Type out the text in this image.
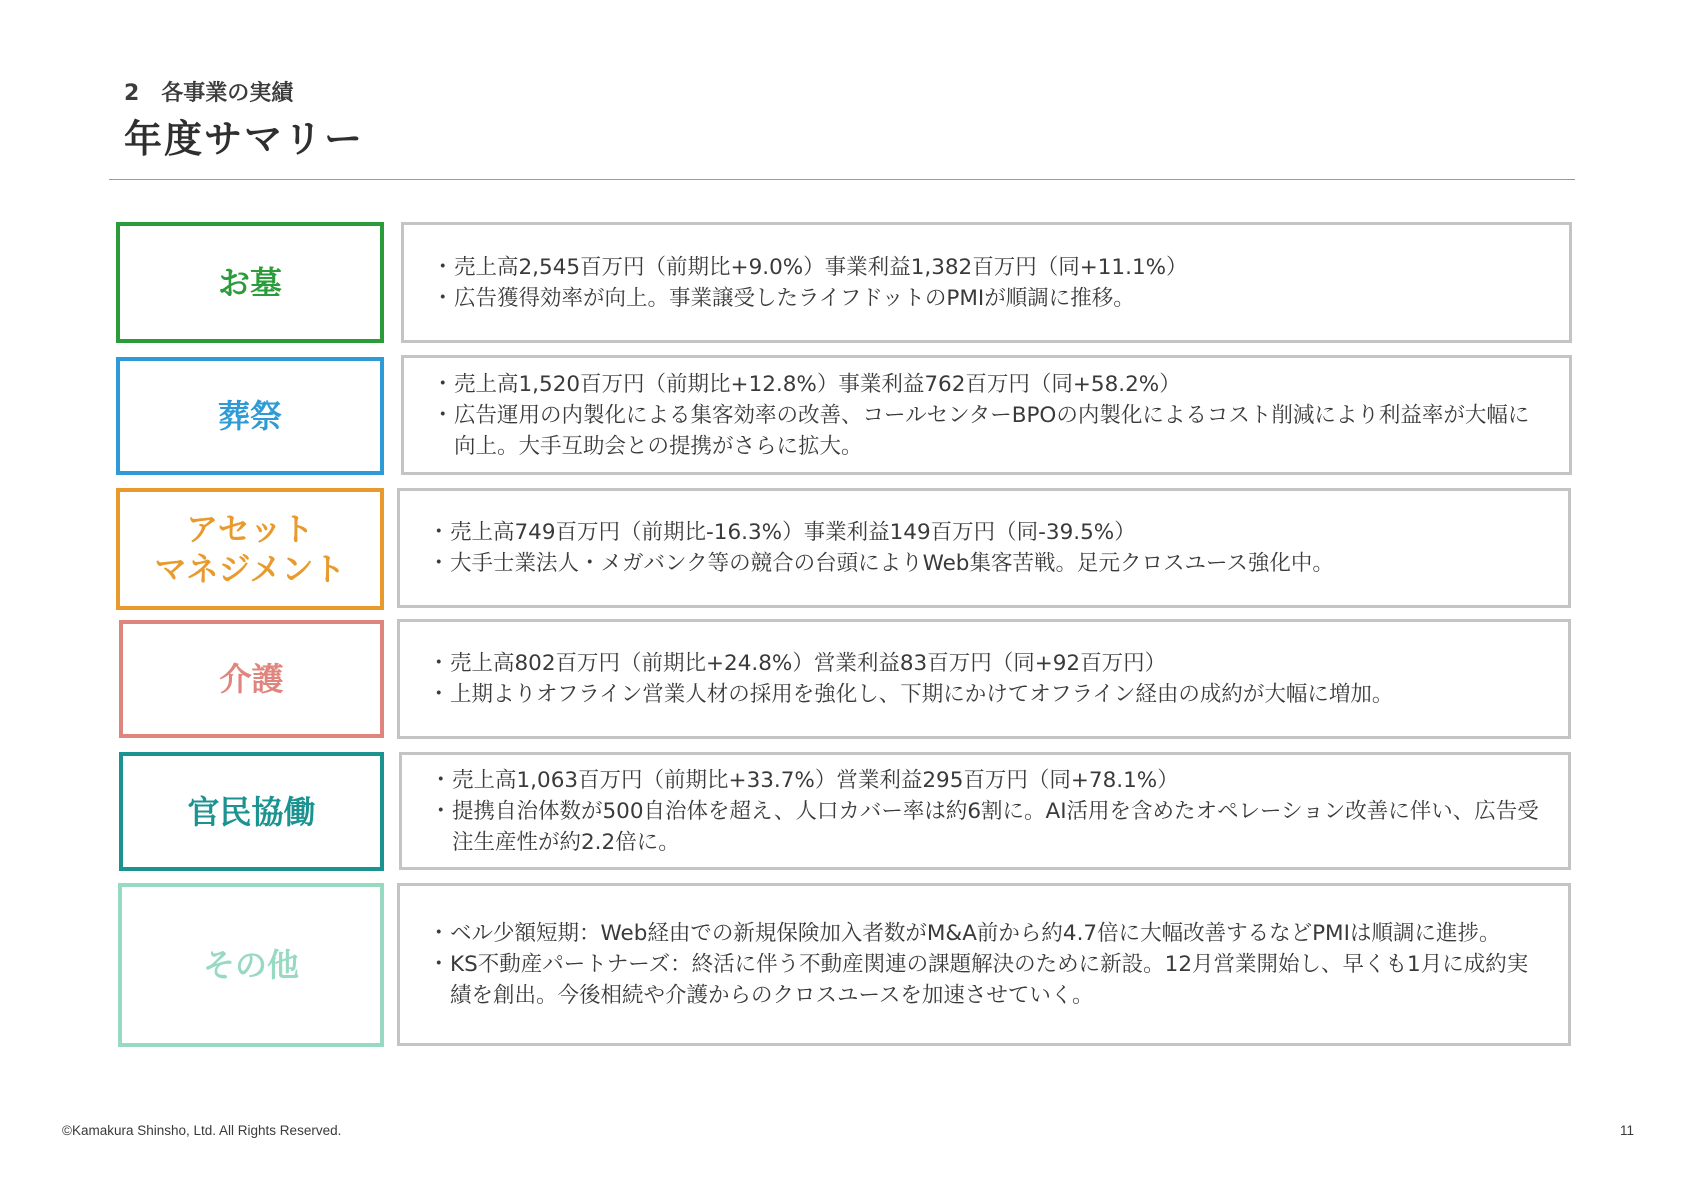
2　各事業の実績
年度サマリー
お墓	・ 売上高2,545百万円（前期比+9.0%）事業利益1,382百万円（同+11.1%）
・ 広告獲得効率が向上。事業譲受したライフドットのPMIが順調に推移。
葬祭
・ 売上高1,520百万円（前期比+12.8%）事業利益762百万円（同+58.2%）
・ 広告運用の内製化による集客効率の改善、コールセンターBPOの内製化によるコスト削減により利益率が大幅に向上。大手互助会との提携がさらに拡大。
アセット
マネジメント
・ 売上高749百万円（前期比-16.3%）事業利益149百万円（同-39.5%）
・ 大手士業法人・メガバンク等の競合の台頭によりWeb集客苦戦。足元クロスユース強化中。
介護	・ 売上高802百万円（前期比+24.8%）営業利益83百万円（同+92百万円）
・ 上期よりオフライン営業人材の採用を強化し、下期にかけてオフライン経由の成約が大幅に増加。
官民協働
・ 売上高1,063百万円（前期比+33.7%）営業利益295百万円（同+78.1%）
・ 提携自治体数が500自治体を超え、人口カバー率は約6割に。AI活用を含めたオペレーション改善に伴い、広告受注生産性が約2.2倍に。
その他
・ ベル少額短期：Web経由での新規保険加入者数がM&A前から約4.7倍に大幅改善するなどPMIは順調に進捗。
・ KS不動産パートナーズ：終活に伴う不動産関連の課題解決のために新設。12月営業開始し、早くも1月に成約実績を創出。今後相続や介護からのクロスユースを加速させていく。
©Kamakura Shinsho, Ltd. All Rights Reserved.	11
